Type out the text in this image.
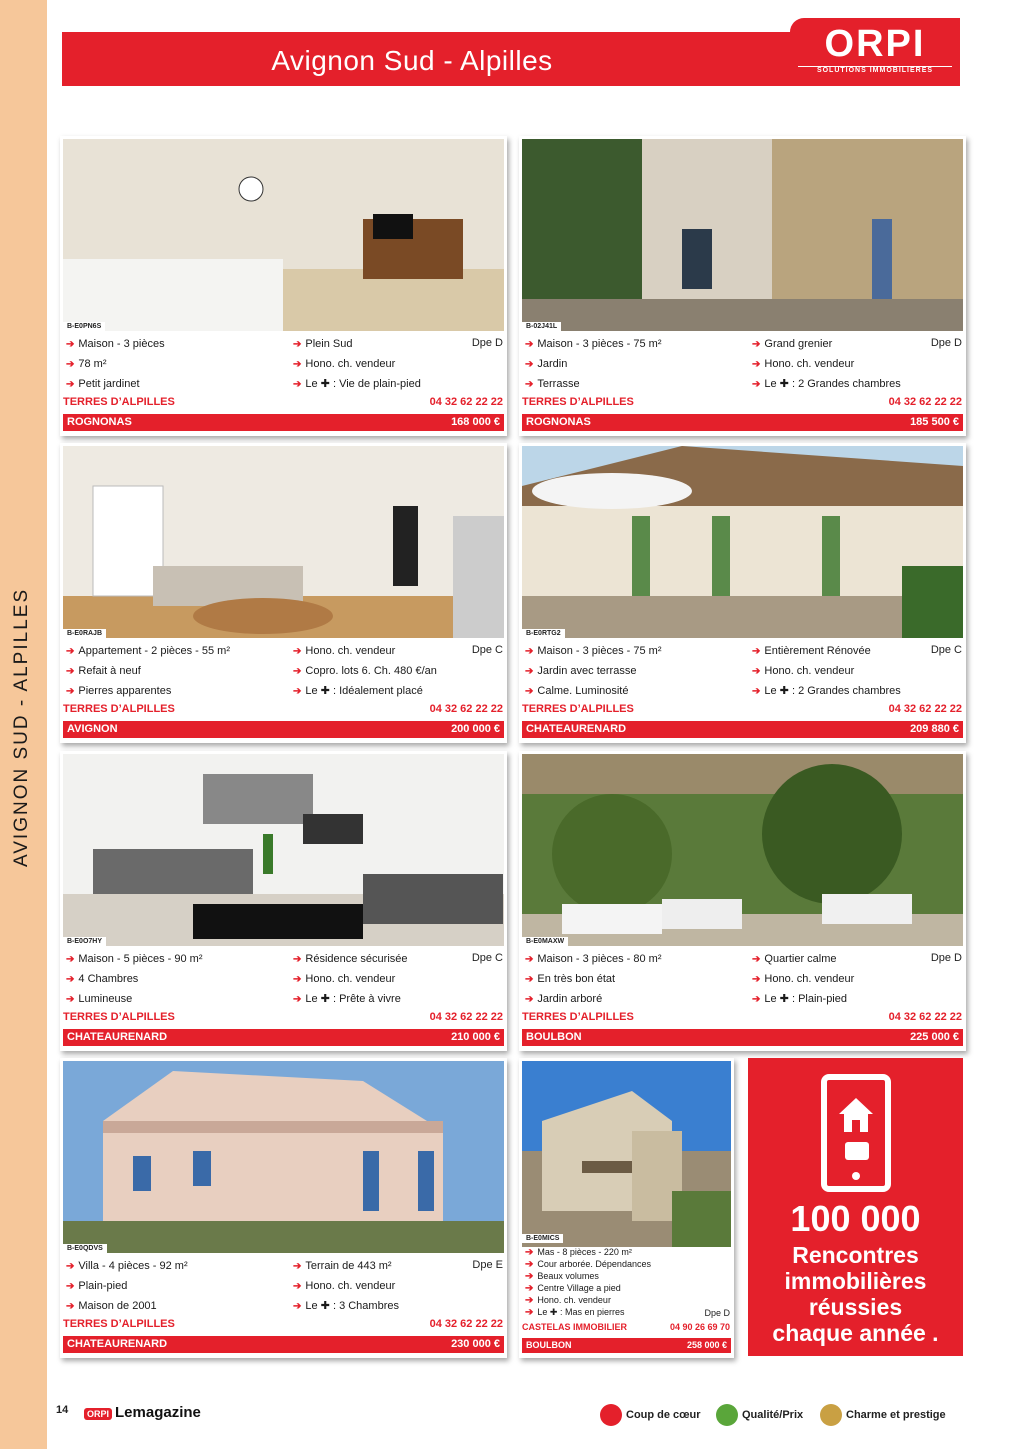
AVIGNON SUD - ALPILLES
Avignon Sud - Alpilles	ORPI
SOLUTIONS IMMOBILIERES
B-E0PN6S
➔ Maison - 3 pièces	➔ Plein Sud
➔ 78 m²	➔ Hono. ch. vendeur
➔ Petit jardinet	➔ Le ✚ : Vie de plain-pied
Dpe D
TERRES D’ALPILLES	04 32 62 22 22
ROGNONAS	168 000 €
B-02J41L
➔ Maison - 3 pièces - 75 m²	➔ Grand grenier
➔ Jardin	➔ Hono. ch. vendeur
➔ Terrasse	➔ Le ✚ : 2 Grandes chambres
Dpe D
TERRES D’ALPILLES	04 32 62 22 22
ROGNONAS	185 500 €
B-E0RAJB
➔ Appartement - 2 pièces - 55 m²	➔ Hono. ch. vendeur
➔ Refait à neuf	➔ Copro. lots 6. Ch. 480 €/an
➔ Pierres apparentes	➔ Le ✚ : Idéalement placé
Dpe C
TERRES D’ALPILLES	04 32 62 22 22
AVIGNON	200 000 €
B-E0RTG2
➔ Maison - 3 pièces - 75 m²	➔ Entièrement Rénovée
➔ Jardin avec terrasse	➔ Hono. ch. vendeur
➔ Calme. Luminosité	➔ Le ✚ : 2 Grandes chambres
Dpe C
TERRES D’ALPILLES	04 32 62 22 22
CHATEAURENARD	209 880 €
B-E0O7HY
➔ Maison - 5 pièces - 90 m²	➔ Résidence sécurisée
➔ 4 Chambres	➔ Hono. ch. vendeur
➔ Lumineuse	➔ Le ✚ : Prête à vivre
Dpe C
TERRES D’ALPILLES	04 32 62 22 22
CHATEAURENARD	210 000 €
B-E0MAXW
➔ Maison - 3 pièces - 80 m²	➔ Quartier calme
➔ En très bon état	➔ Hono. ch. vendeur
➔ Jardin arboré	➔ Le ✚ : Plain-pied
Dpe D
TERRES D’ALPILLES	04 32 62 22 22
BOULBON	225 000 €
B-E0QDVS
➔ Villa - 4 pièces - 92 m²	➔ Terrain de 443 m²
➔ Plain-pied	➔ Hono. ch. vendeur
➔ Maison de 2001	➔ Le ✚ : 3 Chambres
Dpe E
TERRES D’ALPILLES	04 32 62 22 22
CHATEAURENARD	230 000 €
B-E0MICS
➔ Mas - 8 pièces - 220 m²
➔ Cour arborée. Dépendances
➔ Beaux volumes
➔ Centre Village a pied
➔ Hono. ch. vendeur
➔ Le ✚ : Mas en pierres	Dpe D
CASTELAS IMMOBILIER	04 90 26 69 70
BOULBON	258 000 €
100 000
Rencontres
immobilières
réussies
chaque année .
14	ORPI Lemagazine	Coup de cœur	Qualité/Prix	Charme et prestige
